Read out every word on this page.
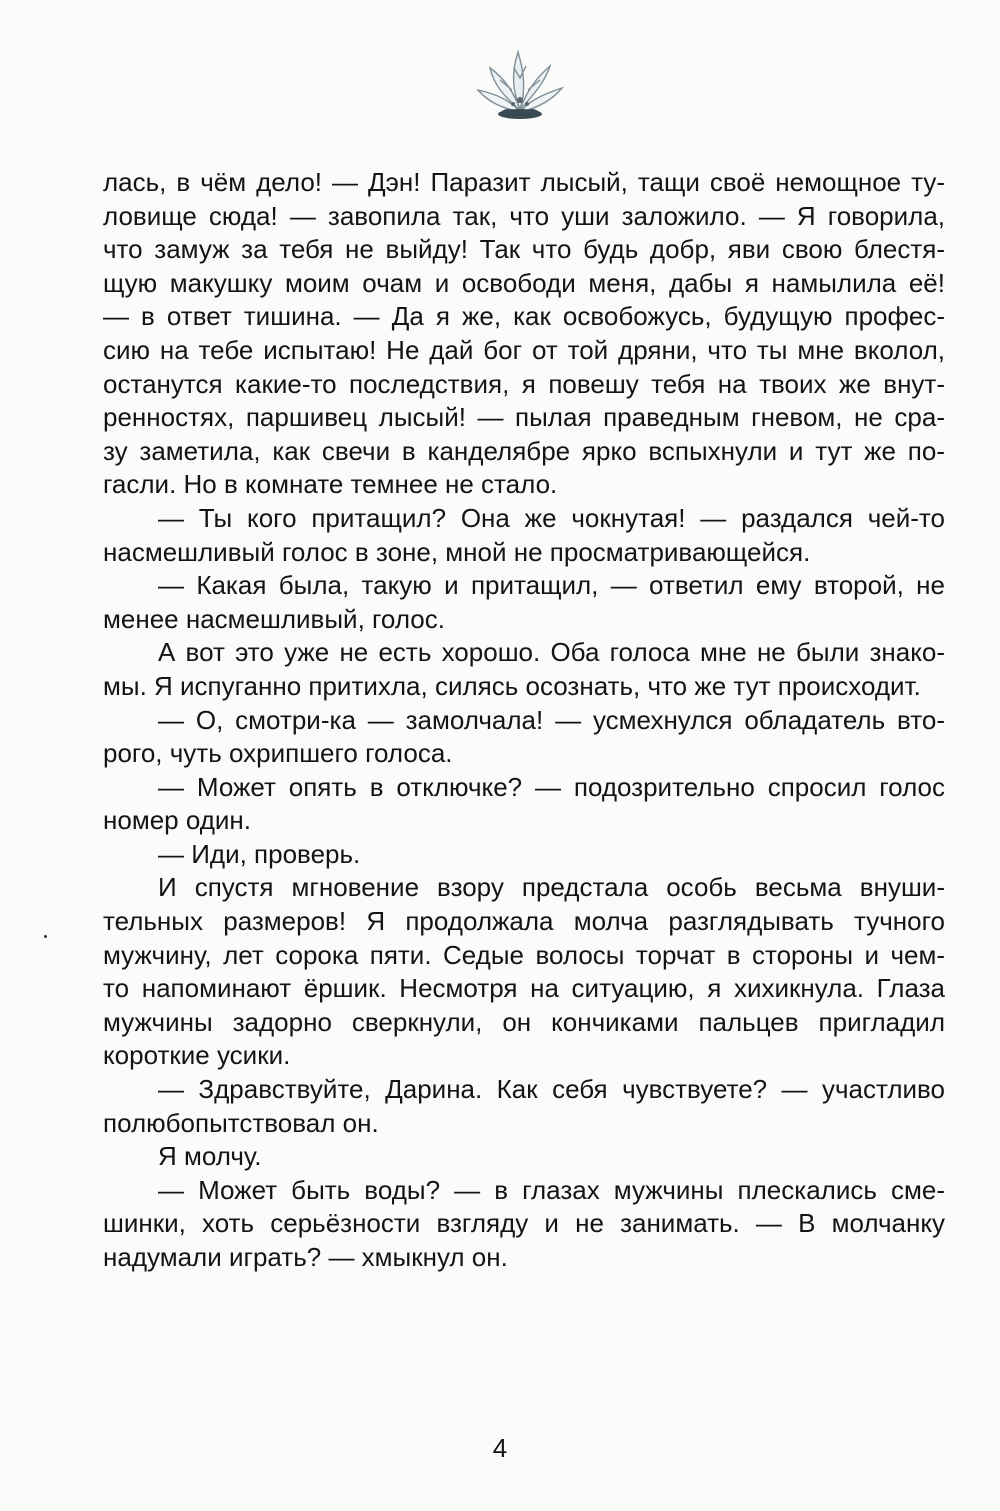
лась, в чём дело! — Дэн! Паразит лысый, тащи своё немощное ту-
ловище сюда! — завопила так, что уши заложило. — Я говорила,
что замуж за тебя не выйду! Так что будь добр, яви свою блестя-
щую макушку моим очам и освободи меня, дабы я намылила её!
— в ответ тишина. — Да я же, как освобожусь, будущую профес-
сию на тебе испытаю! Не дай бог от той дряни, что ты мне вколол,
останутся какие-то последствия, я повешу тебя на твоих же внут-
ренностях, паршивец лысый! — пылая праведным гневом, не сра-
зу заметила, как свечи в канделябре ярко вспыхнули и тут же по-
гасли. Но в комнате темнее не стало.
— Ты кого притащил? Она же чокнутая! — раздался чей-то
насмешливый голос в зоне, мной не просматривающейся.
— Какая была, такую и притащил, — ответил ему второй, не
менее насмешливый, голос.
А вот это уже не есть хорошо. Оба голоса мне не были знако-
мы. Я испуганно притихла, силясь осознать, что же тут происходит.
— О, смотри-ка — замолчала! — усмехнулся обладатель вто-
рого, чуть охрипшего голоса.
— Может опять в отключке? — подозрительно спросил голос
номер один.
— Иди, проверь.
И спустя мгновение взору предстала особь весьма внуши-
тельных размеров! Я продолжала молча разглядывать тучного
мужчину, лет сорока пяти. Седые волосы торчат в стороны и чем-
то напоминают ёршик. Несмотря на ситуацию, я хихикнула. Глаза
мужчины задорно сверкнули, он кончиками пальцев пригладил
короткие усики.
— Здравствуйте, Дарина. Как себя чувствуете? — участливо
полюбопытствовал он.
Я молчу.
— Может быть воды? — в глазах мужчины плескались сме-
шинки, хоть серьёзности взгляду и не занимать. — В молчанку
надумали играть? — хмыкнул он.
4
